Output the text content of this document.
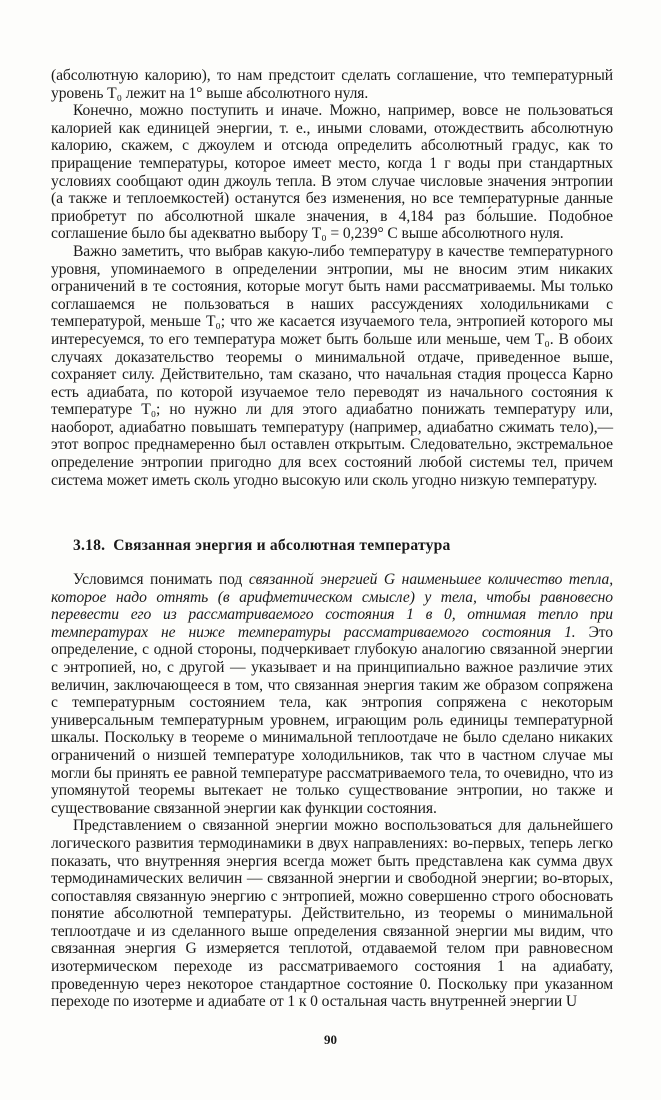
(абсолютную калорию), то нам предстоит сделать соглашение, что температурный уровень T₀ лежит на 1° выше абсолютного нуля.

Конечно, можно поступить и иначе. Можно, например, вовсе не пользоваться калорией как единицей энергии, т. е., иными словами, отождествить абсолютную калорию, скажем, с джоулем и отсюда определить абсолютный градус, как то приращение температуры, которое имеет место, когда 1 г воды при стандартных условиях сообщают один джоуль тепла. В этом случае числовые значения энтропии (а также и теплоемкостей) останутся без изменения, но все температурные данные приобретут по абсолютной шкале значения, в 4,184 раз бо́льшие. Подобное соглашение было бы адекватно выбору T₀ = 0,239° С выше абсолютного нуля.

Важно заметить, что выбрав какую-либо температуру в качестве температурного уровня, упоминаемого в определении энтропии, мы не вносим этим никаких ограничений в те состояния, которые могут быть нами рассматриваемы. Мы только соглашаемся не пользоваться в наших рассуждениях холодильниками с температурой, меньше T₀; что же касается изучаемого тела, энтропией которого мы интересуемся, то его температура может быть больше или меньше, чем T₀. В обоих случаях доказательство теоремы о минимальной отдаче, приведенное выше, сохраняет силу. Действительно, там сказано, что начальная стадия процесса Карно есть адиабата, по которой изучаемое тело переводят из начального состояния к температуре T₀; но нужно ли для этого адиабатно понижать температуру или, наоборот, адиабатно повышать температуру (например, адиабатно сжимать тело),— этот вопрос преднамеренно был оставлен открытым. Следовательно, экстремальное определение энтропии пригодно для всех состояний любой системы тел, причем система может иметь сколь угодно высокую или сколь угодно низкую температуру.

3.18. Связанная энергия и абсолютная температура

Условимся понимать под связанной энергией G наименьшее количество тепла, которое надо отнять (в арифметическом смысле) у тела, чтобы равновесно перевести его из рассматриваемого состояния 1 в 0, отнимая тепло при температурах не ниже температуры рассматриваемого состояния 1. Это определение, с одной стороны, подчеркивает глубокую аналогию связанной энергии с энтропией, но, с другой — указывает и на принципиально важное различие этих величин, заключающееся в том, что связанная энергия таким же образом сопряжена с температурным состоянием тела, как энтропия сопряжена с некоторым универсальным температурным уровнем, играющим роль единицы температурной шкалы. Поскольку в теореме о минимальной теплоотдаче не было сделано никаких ограничений о низшей температуре холодильников, так что в частном случае мы могли бы принять ее равной температуре рассматриваемого тела, то очевидно, что из упомянутой теоремы вытекает не только существование энтропии, но также и существование связанной энергии как функции состояния.

Представлением о связанной энергии можно воспользоваться для дальнейшего логического развития термодинамики в двух направлениях: во-первых, теперь легко показать, что внутренняя энергия всегда может быть представлена как сумма двух термодинамических величин — связанной энергии и свободной энергии; во-вторых, сопоставляя связанную энергию с энтропией, можно совершенно строго обосновать понятие абсолютной температуры. Действительно, из теоремы о минимальной теплоотдаче и из сделанного выше определения связанной энергии мы видим, что связанная энергия G измеряется теплотой, отдаваемой телом при равновесном изотермическом переходе из рассматриваемого состояния 1 на адиабату, проведенную через некоторое стандартное состояние 0. Поскольку при указанном переходе по изотерме и адиабате от 1 к 0 остальная часть внутренней энергии U

90
